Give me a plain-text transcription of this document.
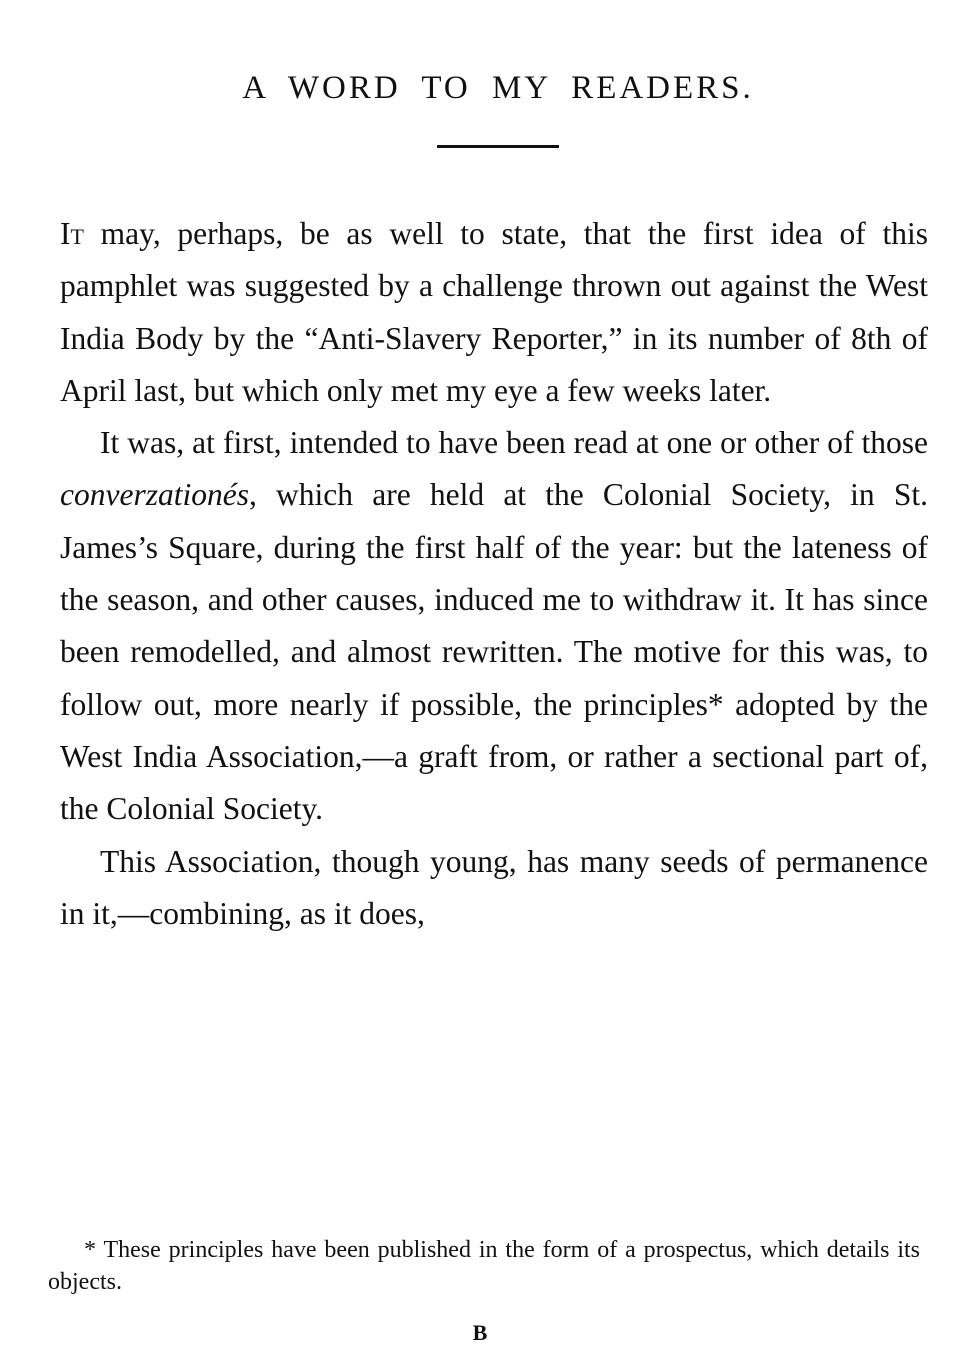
A WORD TO MY READERS.

It may, perhaps, be as well to state, that the first idea of this pamphlet was suggested by a challenge thrown out against the West India Body by the “Anti-Slavery Reporter,” in its number of 8th of April last, but which only met my eye a few weeks later.

It was, at first, intended to have been read at one or other of those converzationés, which are held at the Colonial Society, in St. James’s Square, during the first half of the year: but the lateness of the season, and other causes, induced me to withdraw it. It has since been remodelled, and almost rewritten. The motive for this was, to follow out, more nearly if possible, the principles* adopted by the West India Association,—a graft from, or rather a sectional part of, the Colonial Society.

This Association, though young, has many seeds of permanence in it,—combining, as it does,

* These principles have been published in the form of a prospectus, which details its objects.
B
